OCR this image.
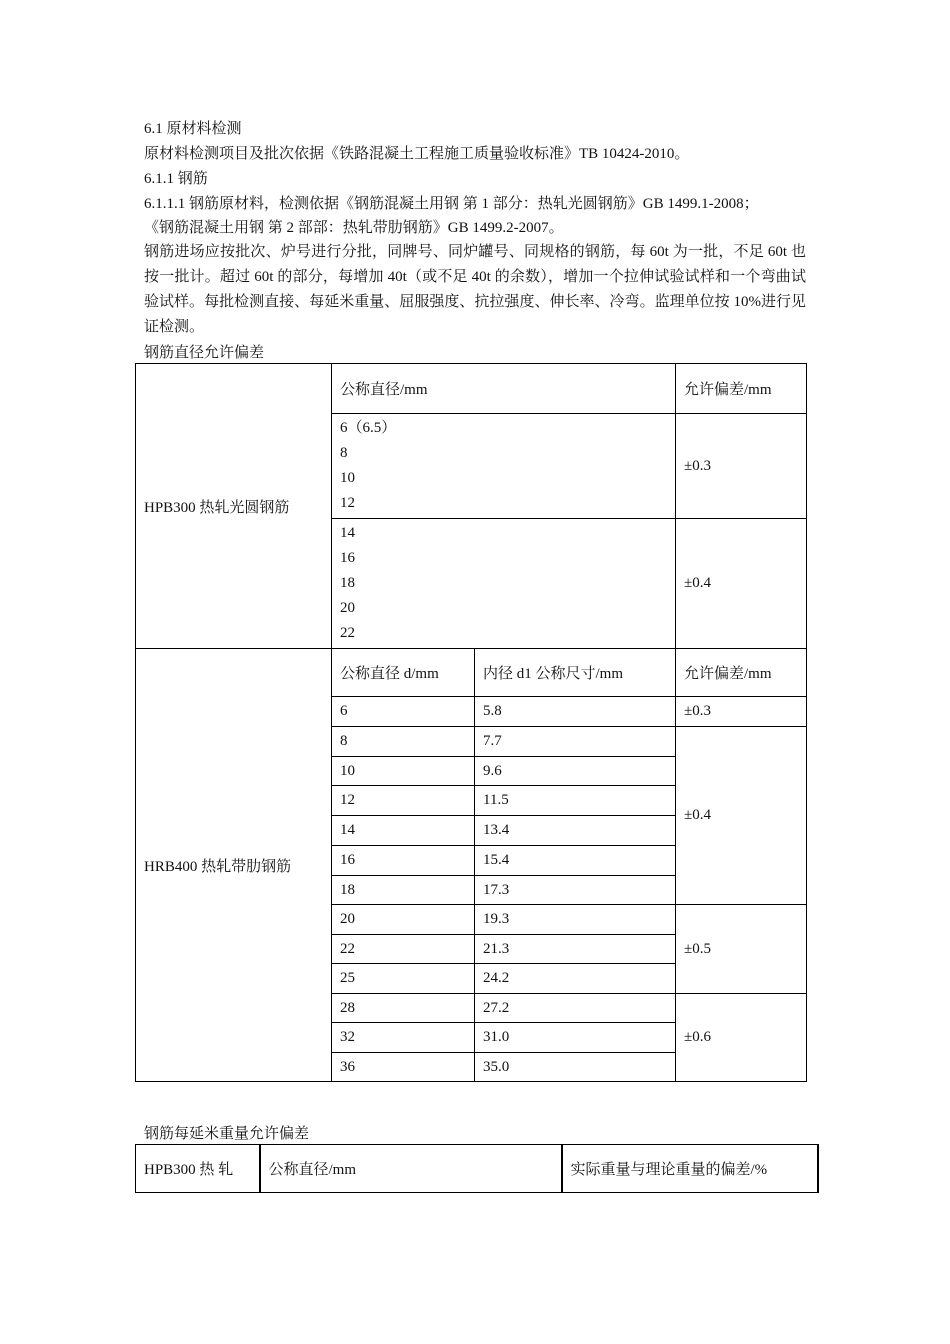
6.1 原材料检测
原材料检测项目及批次依据《铁路混凝土工程施工质量验收标准》TB 10424-2010。
6.1.1 钢筋
6.1.1.1 钢筋原材料，检测依据《钢筋混凝土用钢 第 1 部分：热轧光圆钢筋》GB 1499.1-2008；
《钢筋混凝土用钢 第 2 部部：热轧带肋钢筋》GB 1499.2-2007。
钢筋进场应按批次、炉号进行分批，同牌号、同炉罐号、同规格的钢筋，每 60t 为一批，不足 60t 也按一批计。超过 60t 的部分，每增加 40t（或不足 40t 的余数），增加一个拉伸试验试样和一个弯曲试验试样。每批检测直接、每延米重量、屈服强度、抗拉强度、伸长率、冷弯。监理单位按 10%进行见证检测。
钢筋直径允许偏差
钢筋每延米重量允许偏差
HPB300 热轧光圆钢筋	公称直径/mm		允许偏差/mm

	6（6.5）
8
10
12		±0.3

	14
16
18
20
22		±0.4
HRB400 热轧带肋钢筋	公称直径 d/mm	内径 d1 公称尺寸/mm	允许偏差/mm
	6	5.8	±0.3
	8	7.7	±0.4
	10	9.6	
	12	11.5	
	14	13.4	
	16	15.4	
	18	17.3	
	20	19.3	±0.5
	22	21.3	
	25	24.2	
	28	27.2	±0.6
	32	31.0	
	36	35.0	
HPB300 热 轧	公称直径/mm	实际重量与理论重量的偏差/%
